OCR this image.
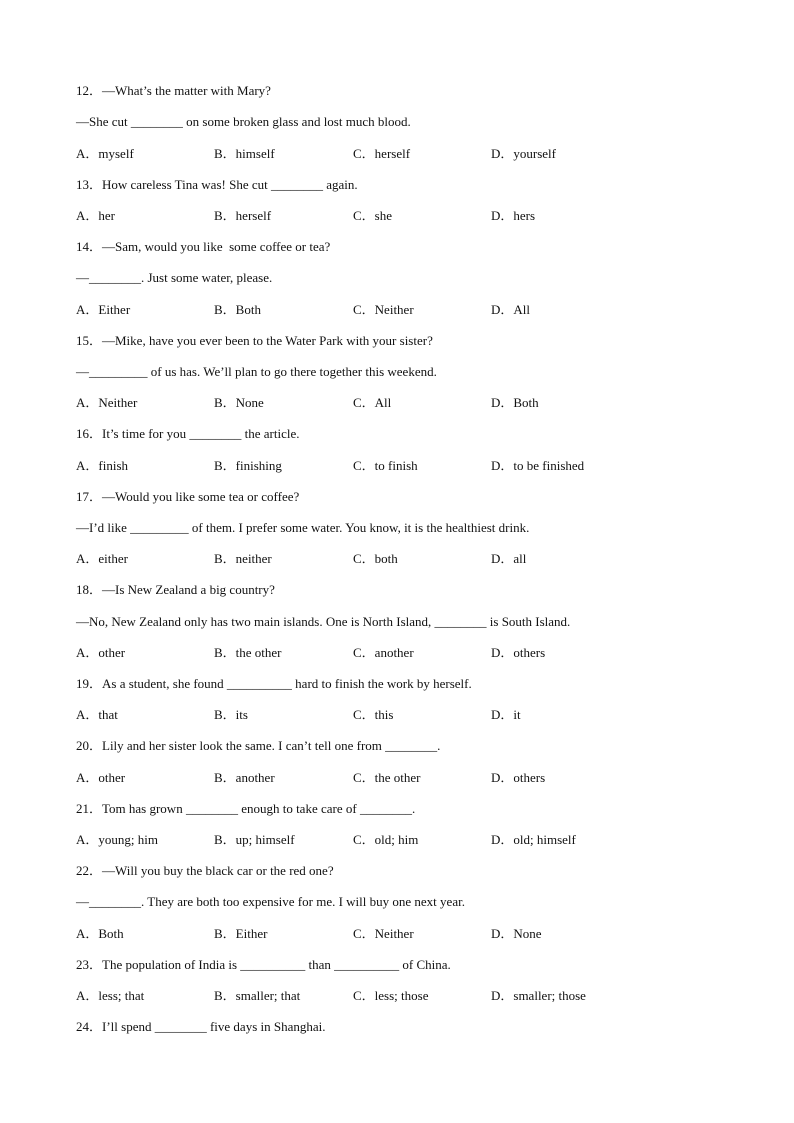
12．—What’s the matter with Mary?
—She cut ________ on some broken glass and lost much blood.
A．myself	B．himself	C．herself	D．yourself
13．How careless Tina was! She cut ________ again.
A．her	B．herself	C．she	D．hers
14．—Sam, would you like  some coffee or tea?
—________. Just some water, please.
A．Either	B．Both	C．Neither	D．All
15．—Mike, have you ever been to the Water Park with your sister?
—_________ of us has. We’ll plan to go there together this weekend.
A．Neither	B．None	C．All	D．Both
16．It’s time for you ________ the article.
A．finish	B．finishing	C．to finish	D．to be finished
17．—Would you like some tea or coffee?
—I’d like _________ of them. I prefer some water. You know, it is the healthiest drink.
A．either	B．neither	C．both	D．all
18．—Is New Zealand a big country?
—No, New Zealand only has two main islands. One is North Island, ________ is South Island.
A．other	B．the other	C．another	D．others
19．As a student, she found __________ hard to finish the work by herself.
A．that	B．its	C．this	D．it
20．Lily and her sister look the same. I can’t tell one from ________.
A．other	B．another	C．the other	D．others
21．Tom has grown ________ enough to take care of ________.
A．young; him	B．up; himself	C．old; him	D．old; himself
22．—Will you buy the black car or the red one?
—________. They are both too expensive for me. I will buy one next year.
A．Both	B．Either	C．Neither	D．None
23．The population of India is __________ than __________ of China.
A．less; that	B．smaller; that	C．less; those	D．smaller; those
24．I’ll spend ________ five days in Shanghai.
